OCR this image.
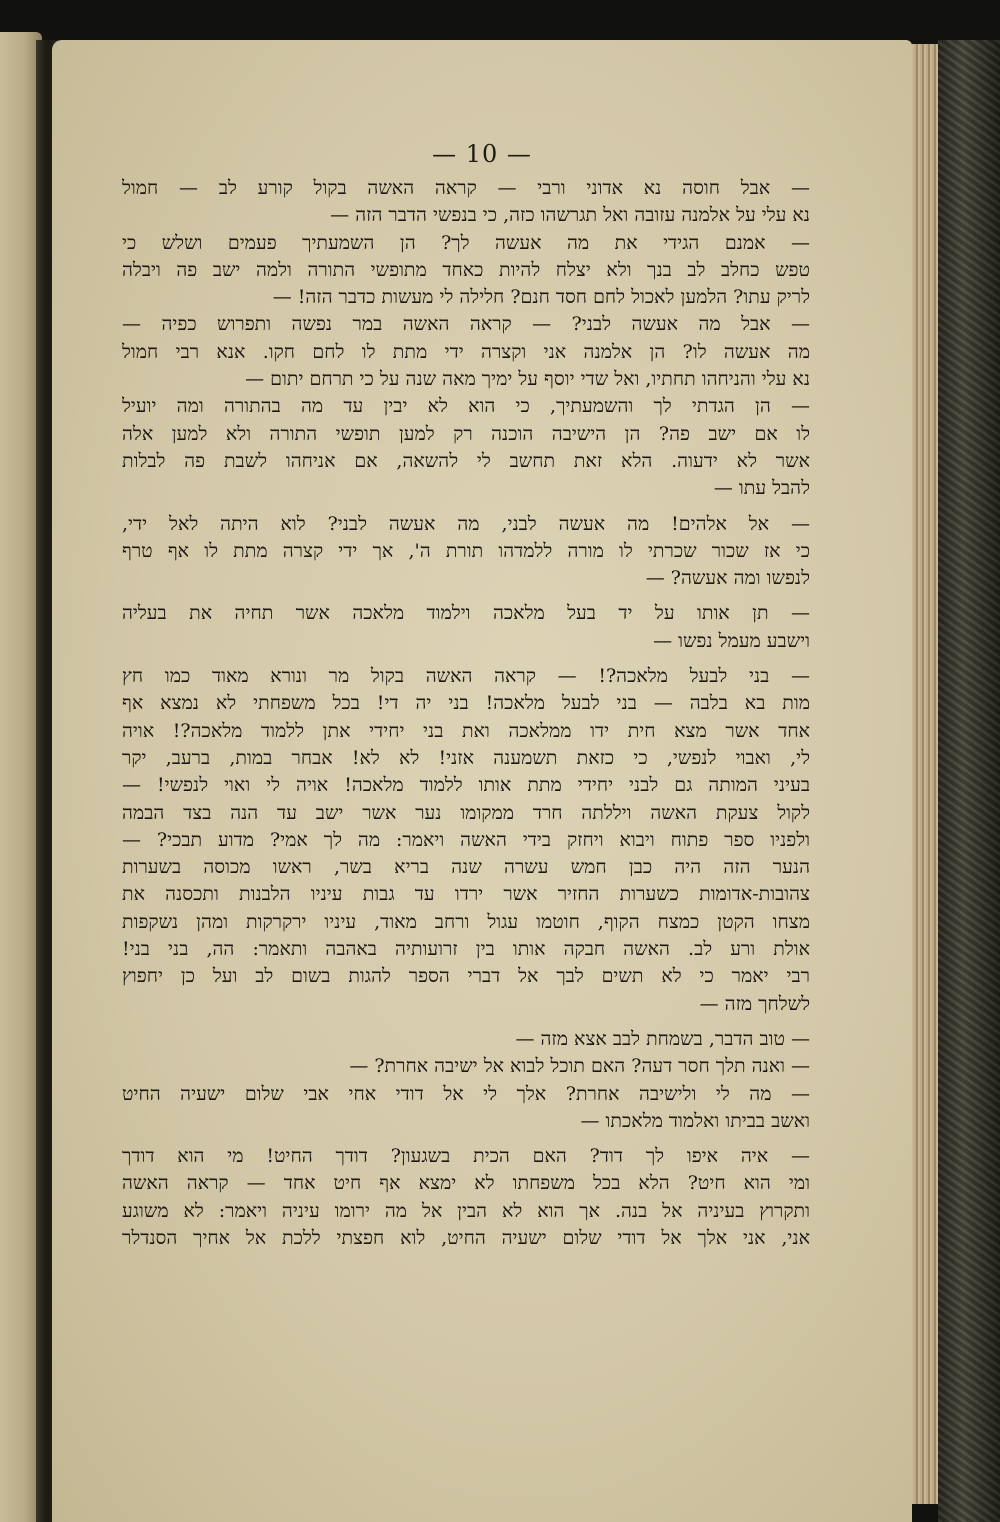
— 10 —
— אבל חוסה נא אדוני ורבי — קראה האשה בקול קורע לב — חמול
נא עלי על אלמנה עזובה ואל תגרשהו כזה, כי בנפשי הדבר הזה —
— אמנם הגידי את מה אעשה לך? הן השמעתיך פעמים ושלש כי
טפש כחלב לב בנך ולא יצלח להיות כאחד מתופשי התורה ולמה ישב פה ויבלה
לריק עתו? הלמען לאכול לחם חסד חנם? חלילה לי מעשות כדבר הזה! —
— אבל מה אעשה לבני? — קראה האשה במר נפשה ותפרוש כפיה —
מה אעשה לו? הן אלמנה אני וקצרה ידי מתת לו לחם חקו. אנא רבי חמול
נא עלי והניחהו תחתיו, ואל שדי יוסף על ימיך מאה שנה על כי תרחם יתום —
— הן הגדתי לך והשמעתיך, כי הוא לא יבין עד מה בהתורה ומה יועיל
לו אם ישב פה? הן הישיבה הוכנה רק למען תופשי התורה ולא למען אלה
אשר לא ידעוה. הלא זאת תחשב לי להשאה, אם אניחהו לשבת פה לבלות
להבל עתו —
— אל אלהים! מה אעשה לבני, מה אעשה לבני? לוא היתה לאל ידי,
כי אז שכור שכרתי לו מורה ללמדהו תורת ה', אך ידי קצרה מתת לו אף טרף
לנפשו ומה אעשה? —
— תן אותו על יד בעל מלאכה וילמוד מלאכה אשר תחיה את בעליה
וישבע מעמל נפשו —
— בני לבעל מלאכה?! — קראה האשה בקול מר ונורא מאוד כמו חץ
מות בא בלבה — בני לבעל מלאכה! בני יה די! בכל משפחתי לא נמצא אף
אחד אשר מצא חית ידו ממלאכה ואת בני יחידי אתן ללמוד מלאכה?! אויה
לי, ואבוי לנפשי, כי כזאת תשמענה אזני! לא לא! אבחר במות, ברעב, יקר
בעיני המותה גם לבני יחידי מתת אותו ללמוד מלאכה! אויה לי ואוי לנפשי! —
לקול צעקת האשה ויללתה חרד ממקומו נער אשר ישב עד הנה בצד הבמה
ולפניו ספר פתוח ויבוא ויחזק בידי האשה ויאמר: מה לך אמי? מדוע תבכי? —
הנער הזה היה כבן חמש עשרה שנה בריא בשר, ראשו מכוסה בשערות
צהובות-אדומות כשערות החזיר אשר ירדו עד גבות עיניו הלבנות ותכסנה את
מצחו הקטן כמצח הקוף, חוטמו עגול ורחב מאוד, עיניו ירקרקות ומהן נשקפות
אולת ורע לב. האשה חבקה אותו בין זרועותיה באהבה ותאמר: הה, בני בני!
רבי יאמר כי לא תשים לבך אל דברי הספר להגות בשום לב ועל כן יחפוץ
לשלחך מזה —
— טוב הדבר, בשמחת לבב אצא מזה —
— ואנה תלך חסר דעה? האם תוכל לבוא אל ישיבה אחרת? —
— מה לי ולישיבה אחרת? אלך לי אל דודי אחי אבי שלום ישעיה החיט
ואשב בביתו ואלמוד מלאכתו —
— איה איפו לך דוד? האם הכית בשגעון? דודך החיט! מי הוא דודך
ומי הוא חיט? הלא בכל משפחתו לא ימצא אף חיט אחד — קראה האשה
ותקרוץ בעיניה אל בנה. אך הוא לא הבין אל מה ירומו עיניה ויאמר: לא משוגע
אני, אני אלך אל דודי שלום ישעיה החיט, לוא חפצתי ללכת אל אחיך הסנדלר
